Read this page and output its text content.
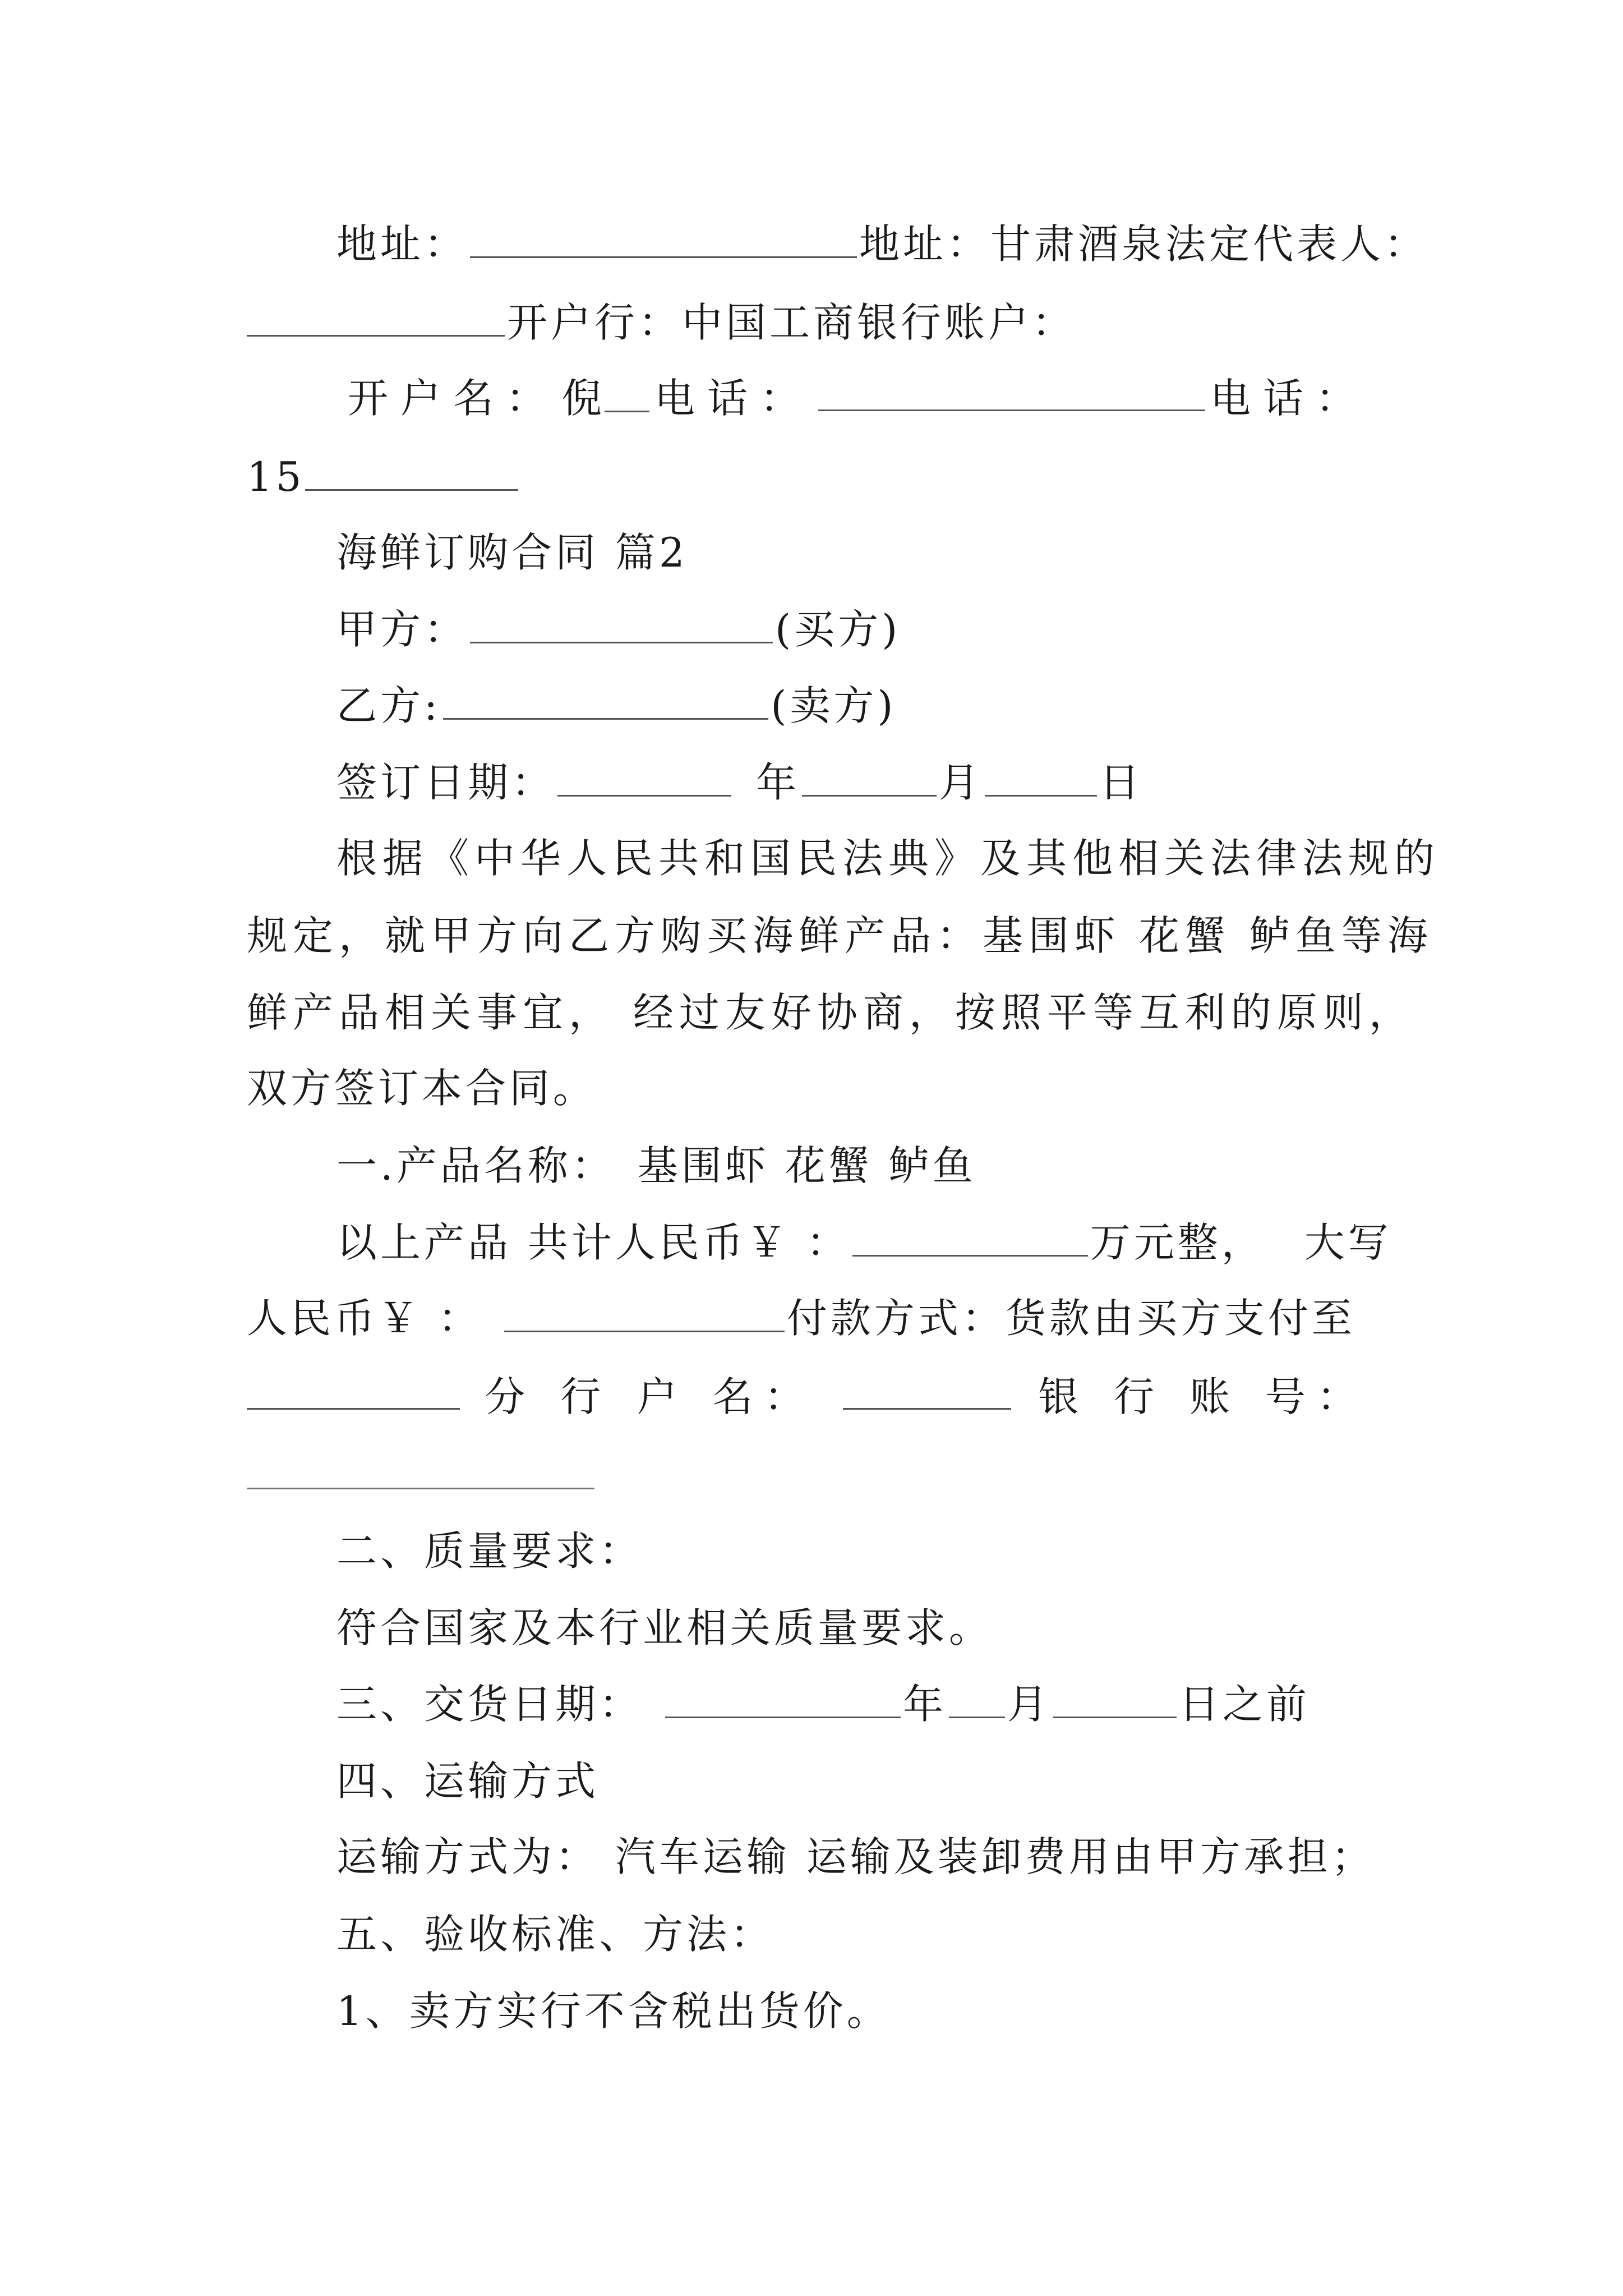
地址：	地址：甘肃酒泉法定代表人：
开户行：中国工商银行账户：
开户名： 倪	电话：	电话：
15
海鲜订购合同 篇2
甲方：	(买方)
乙方:	(卖方)
签订日期：	年	月	日
根据《中华人民共和国民法典》及其他相关法律法规的
规定，就甲方向乙方购买海鲜产品：基围虾 花蟹 鲈鱼等海
鲜产品相关事宜， 经过友好协商，按照平等互利的原则，
双方签订本合同。
一.产品名称： 基围虾 花蟹 鲈鱼
以上产品 共计人民币￥ ：	万元整， 大写
人民币￥ ：	付款方式：货款由买方支付至
分 行 户 名：	银 行 账 号：
二、质量要求：
符合国家及本行业相关质量要求。
三、交货日期：	年 月	日之前
四、运输方式
运输方式为： 汽车运输 运输及装卸费用由甲方承担；
五、验收标准、方法：
1、卖方实行不含税出货价。
